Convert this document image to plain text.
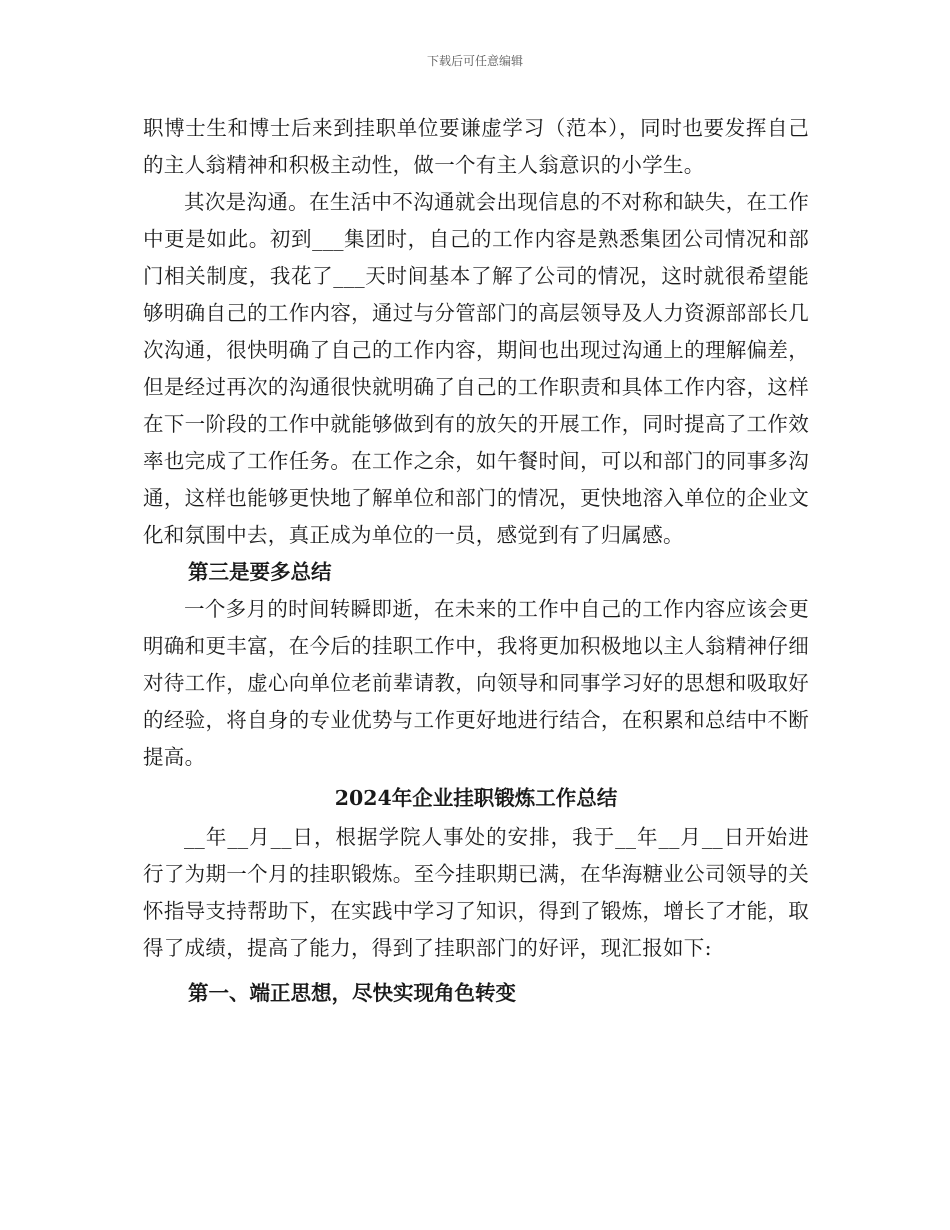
下载后可任意编辑

职博士生和博士后来到挂职单位要谦虚学习（范本），同时也要发挥自己的主人翁精神和积极主动性，做一个有主人翁意识的小学生。

其次是沟通。在生活中不沟通就会出现信息的不对称和缺失，在工作中更是如此。初到___集团时，自己的工作内容是熟悉集团公司情况和部门相关制度，我花了___天时间基本了解了公司的情况，这时就很希望能够明确自己的工作内容，通过与分管部门的高层领导及人力资源部部长几次沟通，很快明确了自己的工作内容，期间也出现过沟通上的理解偏差，但是经过再次的沟通很快就明确了自己的工作职责和具体工作内容，这样在下一阶段的工作中就能够做到有的放矢的开展工作，同时提高了工作效率也完成了工作任务。在工作之余，如午餐时间，可以和部门的同事多沟通，这样也能够更快地了解单位和部门的情况，更快地溶入单位的企业文化和氛围中去，真正成为单位的一员，感觉到有了归属感。

第三是要多总结

一个多月的时间转瞬即逝，在未来的工作中自己的工作内容应该会更明确和更丰富，在今后的挂职工作中，我将更加积极地以主人翁精神仔细对待工作，虚心向单位老前辈请教，向领导和同事学习好的思想和吸取好的经验，将自身的专业优势与工作更好地进行结合，在积累和总结中不断提高。

2024年企业挂职锻炼工作总结

__年__月__日，根据学院人事处的安排，我于__年__月__日开始进行了为期一个月的挂职锻炼。至今挂职期已满，在华海糖业公司领导的关怀指导支持帮助下，在实践中学习了知识，得到了锻炼，增长了才能，取得了成绩，提高了能力，得到了挂职部门的好评，现汇报如下:

第一、端正思想，尽快实现角色转变
